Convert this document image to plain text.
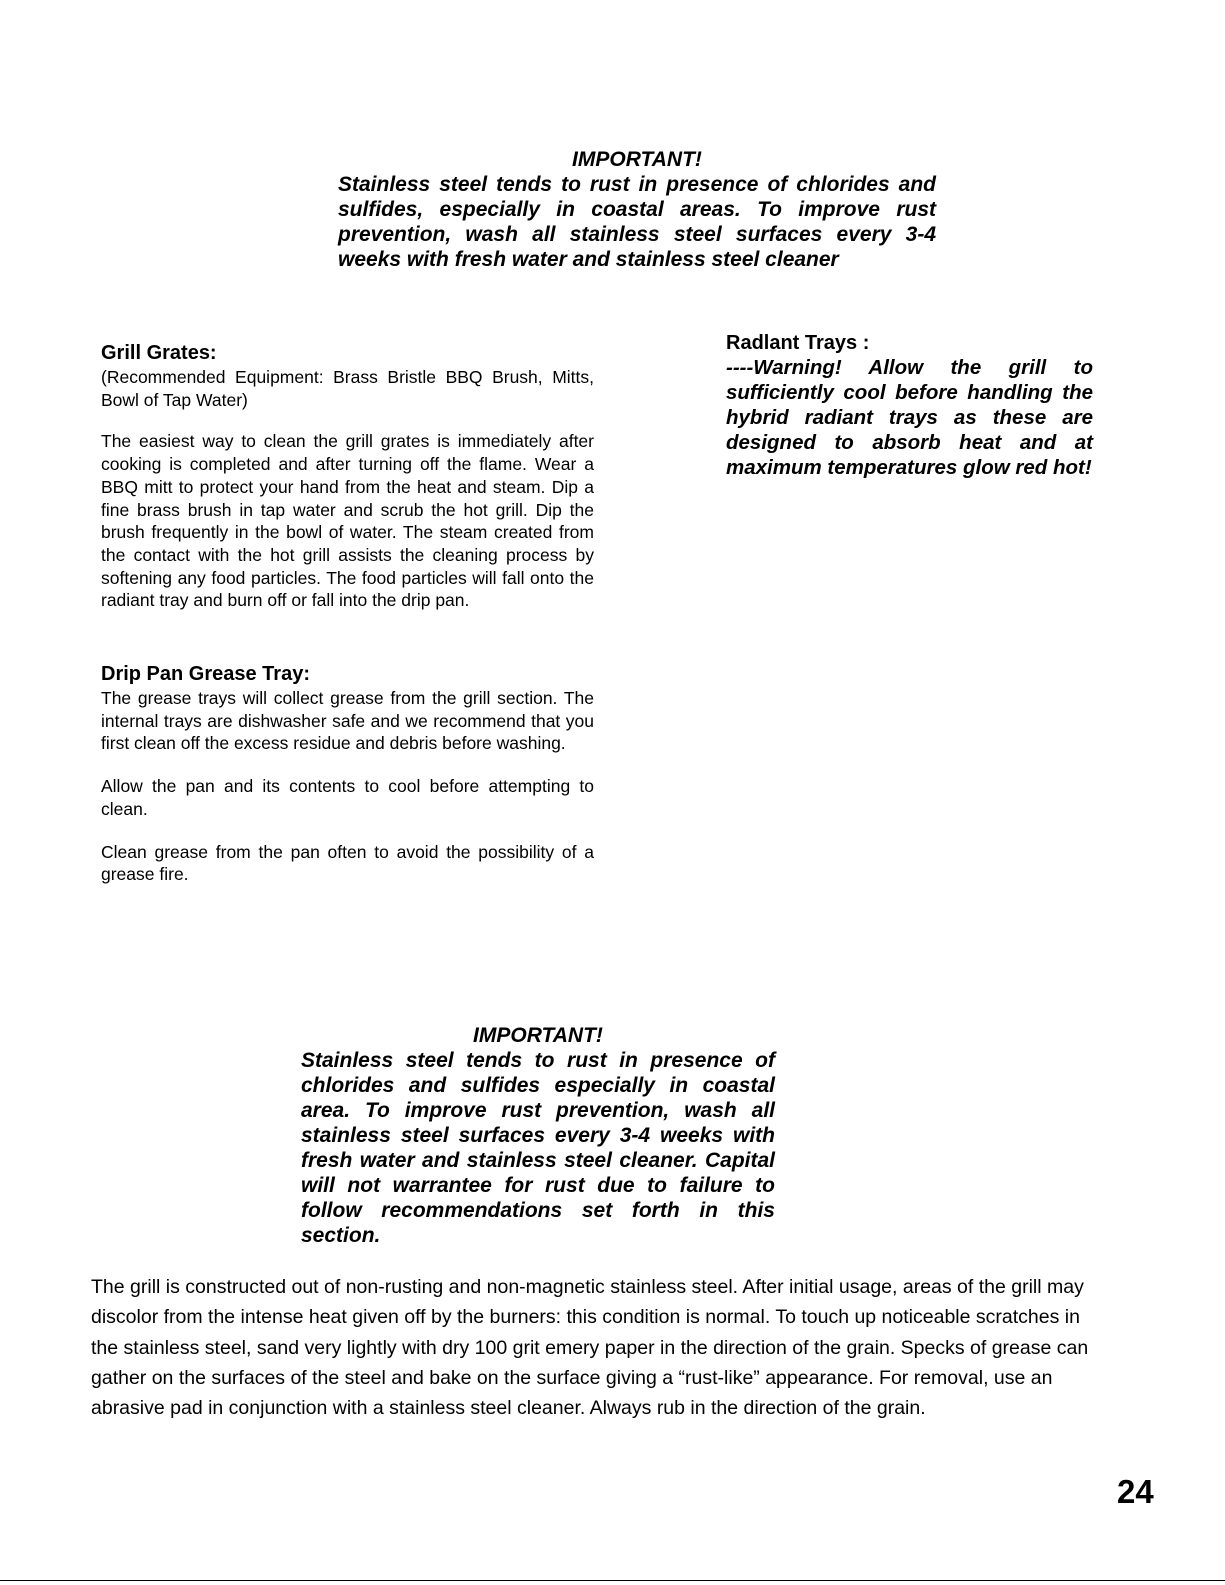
IMPORTANT!

Stainless steel tends to rust in presence of chlorides and sulfides, especially in coastal areas. To improve rust prevention, wash all stainless steel surfaces every 3-4 weeks with fresh water and stainless steel cleaner

Grill Grates:

(Recommended Equipment: Brass Bristle BBQ Brush, Mitts, Bowl of Tap Water)

The easiest way to clean the grill grates is immediately after cooking is completed and after turning off the flame. Wear a BBQ mitt to protect your hand from the heat and steam. Dip a fine brass brush in tap water and scrub the hot grill. Dip the brush frequently in the bowl of water. The steam created from the contact with the hot grill assists the cleaning process by softening any food particles. The food particles will fall onto the radiant tray and burn off or fall into the drip pan.

Drip Pan Grease Tray:

The grease trays will collect grease from the grill section. The internal trays are dishwasher safe and we recommend that you first clean off the excess residue and debris before washing.

Allow the pan and its contents to cool before attempting to clean.

Clean grease from the pan often to avoid the possibility of a grease fire.

Radlant Trays :

----Warning! Allow the grill to sufficiently cool before handling the hybrid radiant trays as these are designed to absorb heat and at maximum temperatures glow red hot!

IMPORTANT!

Stainless steel tends to rust in presence of chlorides and sulfides especially in coastal area. To improve rust prevention, wash all stainless steel surfaces every 3-4 weeks with fresh water and stainless steel cleaner. Capital will not warrantee for rust due to failure to follow recommendations set forth in this section.

The grill is constructed out of non-rusting and non-magnetic stainless steel. After initial usage, areas of the grill may discolor from the intense heat given off by the burners: this condition is normal. To touch up noticeable scratches in the stainless steel, sand very lightly with dry 100 grit emery paper in the direction of the grain. Specks of grease can gather on the surfaces of the steel and bake on the surface giving a “rust-like” appearance. For removal, use an abrasive pad in conjunction with a stainless steel cleaner. Always rub in the direction of the grain.

24
